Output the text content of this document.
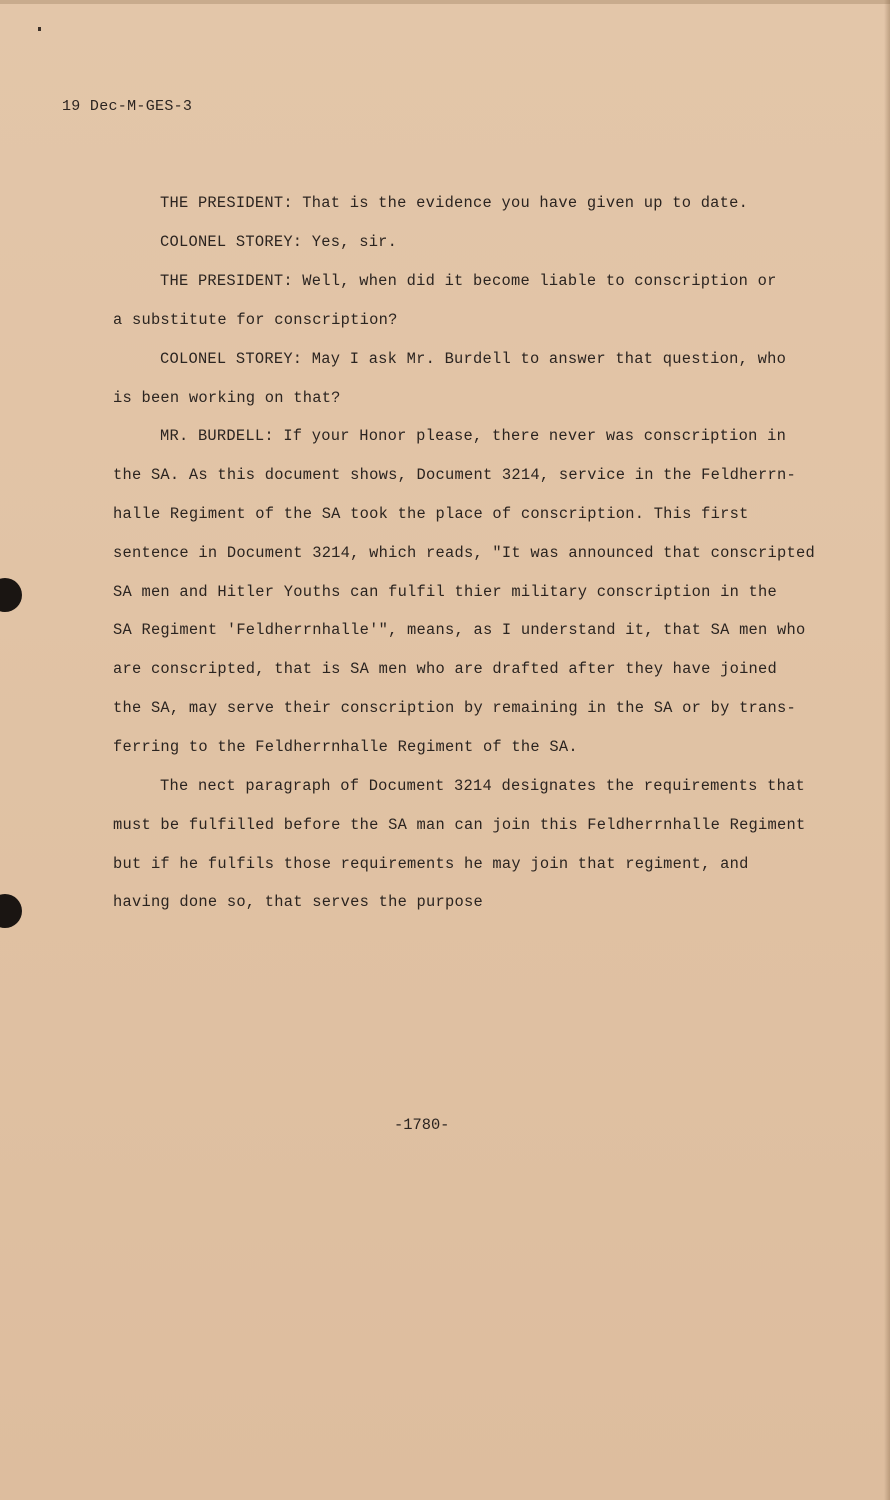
19 Dec-M-GES-3
THE PRESIDENT: That is the evidence you have given up to date.
COLONEL STOREY: Yes, sir.
THE PRESIDENT: Well, when did it become liable to conscription or
a substitute for conscription?
COLONEL STOREY: May I ask Mr. Burdell to answer that question, who
is been working on that?
MR. BURDELL: If your Honor please, there never was conscription in
the SA. As this document shows, Document 3214, service in the Feldherrn-
halle Regiment of the SA took the place of conscription. This first
sentence in Document 3214, which reads, "It was announced that conscripted
SA men and Hitler Youths can fulfil thier military conscription in the
SA Regiment 'Feldherrnhalle'", means, as I understand it, that SA men who
are conscripted, that is SA men who are drafted after they have joined
the SA, may serve their conscription by remaining in the SA or by trans-
ferring to the Feldherrnhalle Regiment of the SA.
The nect paragraph of Document 3214 designates the requirements that
must be fulfilled before the SA man can join this Feldherrnhalle Regiment
but if he fulfils those requirements he may join that regiment, and
having done so, that serves the purpose
-1780-
